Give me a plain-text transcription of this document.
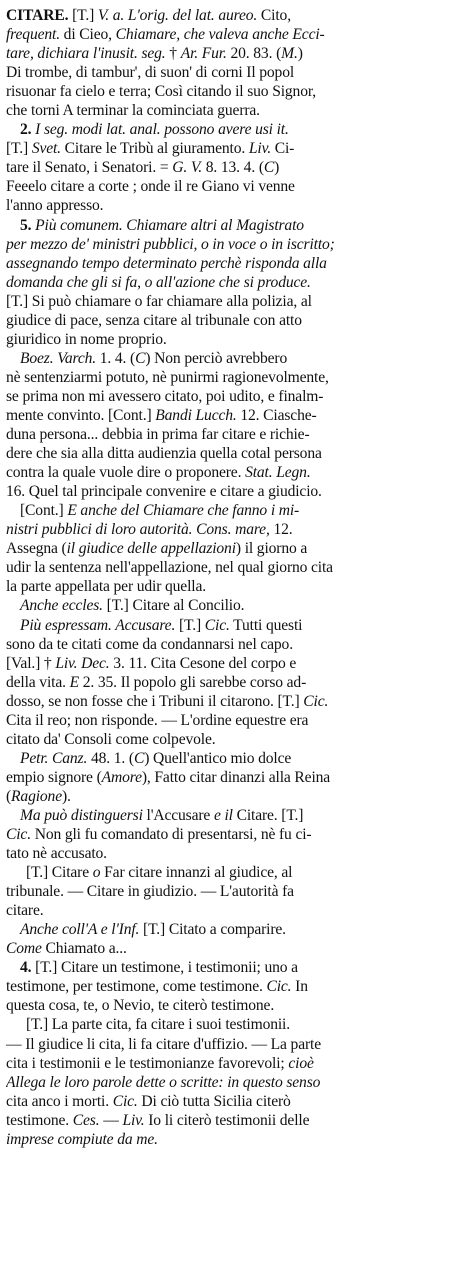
CITARE. [T.] V. a. L'orig. del lat. aureo. Cito,
frequent. di Cieo, Chiamare, che valeva anche Ecci-
tare, dichiara l'inusit. seg. † Ar. Fur. 20. 83. (M.)
Di trombe, di tambur', di suon' di corni Il popol
risuonar fa cielo e terra; Così citando il suo Signor,
che torni A terminar la cominciata guerra.
2. I seg. modi lat. anal. possono avere usi it.
[T.] Svet. Citare le Tribù al giuramento. Liv. Ci-
tare il Senato, i Senatori. = G. V. 8. 13. 4. (C)
Feeelo citare a corte ; onde il re Giano vi venne
l'anno appresso.
5. Più comunem. Chiamare altri al Magistrato
per mezzo de' ministri pubblici, o in voce o in iscritto;
assegnando tempo determinato perchè risponda alla
domanda che gli si fa, o all'azione che si produce.
[T.] Si può chiamare o far chiamare alla polizia, al
giudice di pace, senza citare al tribunale con atto
giuridico in nome proprio.
Boez. Varch. 1. 4. (C) Non perciò avrebbero
nè sentenziarmi potuto, nè punirmi ragionevolmente,
se prima non mi avessero citato, poi udito, e finalm-
mente convinto. [Cont.] Bandi Lucch. 12. Ciasche-
duna persona... debbia in prima far citare e richie-
dere che sia alla ditta audienzia quella cotal persona
contra la quale vuole dire o proponere. Stat. Legn.
16. Quel tal principale convenire e citare a giudicio.
[Cont.] E anche del Chiamare che fanno i mi-
nistri pubblici di loro autorità. Cons. mare, 12.
Assegna (il giudice delle appellazioni) il giorno a
udir la sentenza nell'appellazione, nel qual giorno cita
la parte appellata per udir quella.
Anche eccles. [T.] Citare al Concilio.
Più espressam. Accusare. [T.] Cic. Tutti questi
sono da te citati come da condannarsi nel capo.
[Val.] † Liv. Dec. 3. 11. Cita Cesone del corpo e
della vita. E 2. 35. Il popolo gli sarebbe corso ad-
dosso, se non fosse che i Tribuni il citarono. [T.] Cic.
Cita il reo; non risponde. — L'ordine equestre era
citato da' Consoli come colpevole.
Petr. Canz. 48. 1. (C) Quell'antico mio dolce
empio signore (Amore), Fatto citar dinanzi alla Reina
(Ragione).
Ma può distinguersi l'Accusare e il Citare. [T.]
Cic. Non gli fu comandato di presentarsi, nè fu ci-
tato nè accusato.
[T.] Citare o Far citare innanzi al giudice, al
tribunale. — Citare in giudizio. — L'autorità fa
citare.
Anche coll'A e l'Inf. [T.] Citato a comparire.
Come Chiamato a...
4. [T.] Citare un testimone, i testimonii; uno a
testimone, per testimone, come testimone. Cic. In
questa cosa, te, o Nevio, te citerò testimone.
[T.] La parte cita, fa citare i suoi testimonii.
— Il giudice li cita, li fa citare d'uffizio. — La parte
cita i testimonii e le testimonianze favorevoli; cioè
Allega le loro parole dette o scritte: in questo senso
cita anco i morti. Cic. Di ciò tutta Sicilia citerò
testimone. Ces. — Liv. Io li citerò testimonii delle
imprese compiute da me.
